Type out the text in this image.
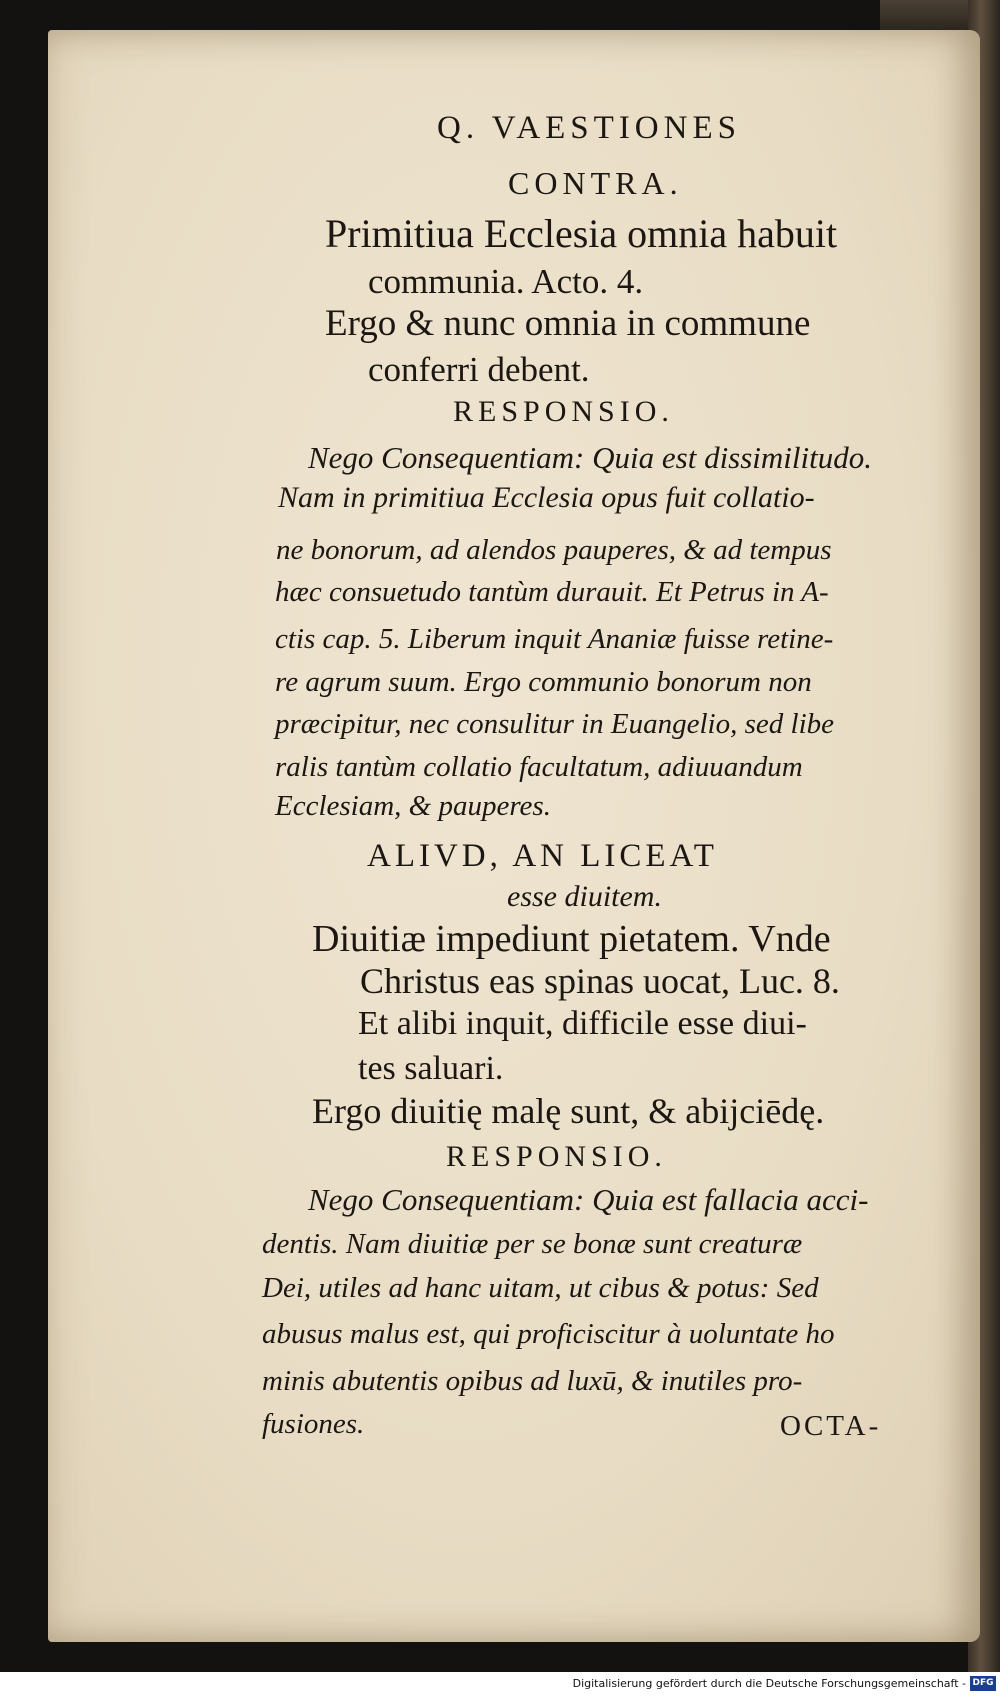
Q. VAESTIONES
CONTRA.
Primitiua Ecclesia omnia habuit
communia. Acto. 4.
Ergo & nunc omnia in commune
conferri debent.
RESPONSIO.
Nego Consequentiam: Quia est dissimilitudo.
Nam in primitiua Ecclesia opus fuit collatio-
ne bonorum, ad alendos pauperes, & ad tempus
hæc consuetudo tantùm durauit. Et Petrus in A-
ctis cap. 5. Liberum inquit Ananiæ fuisse retine-
re agrum suum. Ergo communio bonorum non
præcipitur, nec consulitur in Euangelio, sed libe
ralis tantùm collatio facultatum, adiuuandum
Ecclesiam, & pauperes.
ALIVD, AN LICEAT
esse diuitem.
Diuitiæ impediunt pietatem. Vnde
Christus eas spinas uocat, Luc. 8.
Et alibi inquit, difficile esse diui-
tes saluari.
Ergo diuitię malę sunt, & abijciēdę.
RESPONSIO.
Nego Consequentiam: Quia est fallacia acci-
dentis. Nam diuitiæ per se bonæ sunt creaturæ
Dei, utiles ad hanc uitam, ut cibus & potus: Sed
abusus malus est, qui proficiscitur à uoluntate ho
minis abutentis opibus ad luxū, & inutiles pro-
fusiones.	OCTA-
Digitalisierung gefördert durch die Deutsche Forschungsgemeinschaft - DFG
